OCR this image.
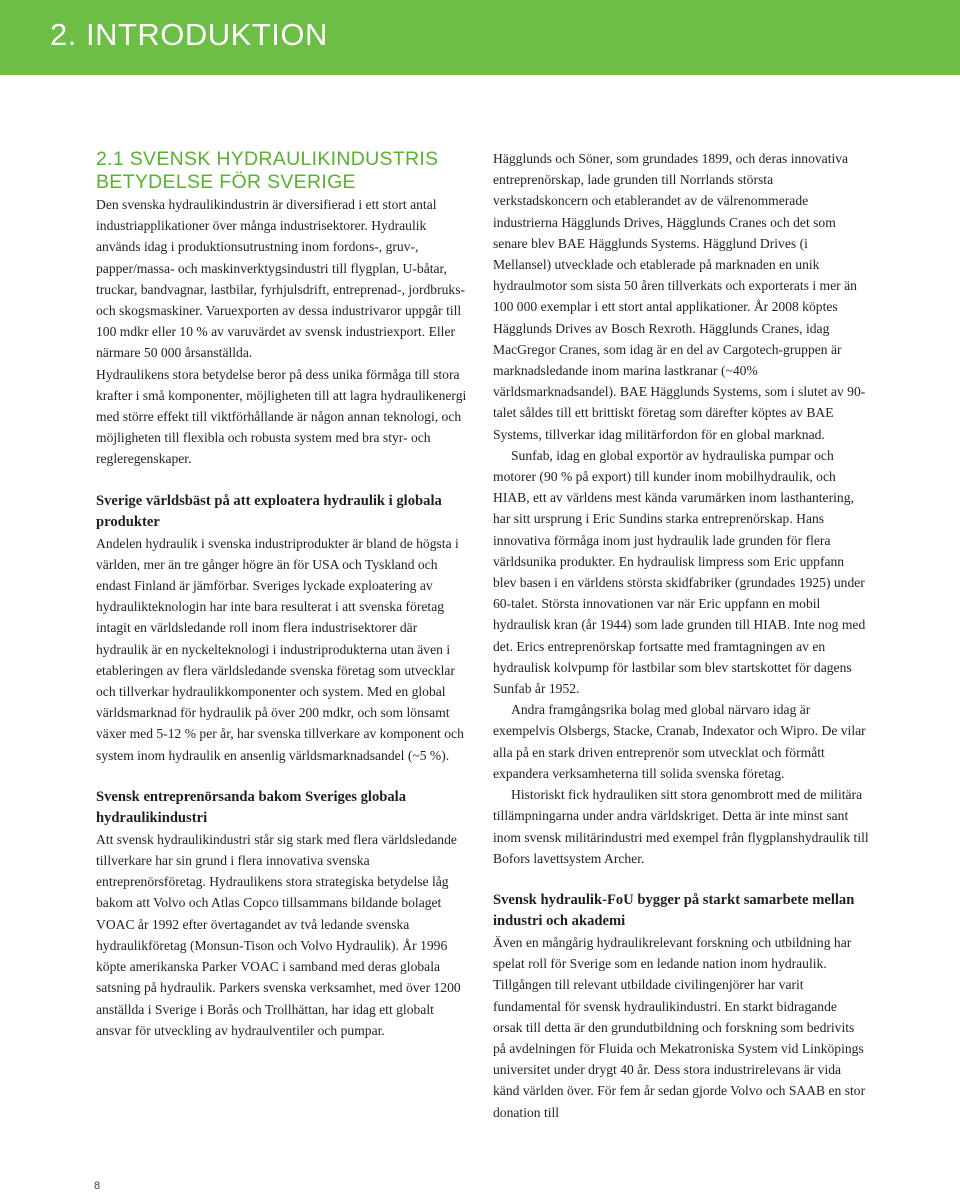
2. INTRODUKTION
2.1 SVENSK HYDRAULIKINDUSTRIS
BETYDELSE FÖR SVERIGE

Den svenska hydraulikindustrin är diversifierad i ett stort antal industriapplikationer över många industrisektorer. Hydraulik används idag i produktionsutrustning inom fordons-, gruv-, papper/massa- och maskinverktygsindustri till flygplan, U-båtar, truckar, bandvagnar, lastbilar, fyrhjulsdrift, entreprenad-, jordbruks- och skogsmaskiner. Varuexporten av dessa industrivaror uppgår till 100 mdkr eller 10 % av varuvärdet av svensk industriexport. Eller närmare 50 000 årsanställda.

Hydraulikens stora betydelse beror på dess unika förmåga till stora krafter i små komponenter, möjligheten till att lagra hydraulikenergi med större effekt till viktförhållande är någon annan teknologi, och möjligheten till flexibla och robusta system med bra styr- och regleregenskaper.

Sverige världsbäst på att exploatera hydraulik i globala produkter

Andelen hydraulik i svenska industriprodukter är bland de högsta i världen, mer än tre gånger högre än för USA och Tyskland och endast Finland är jämförbar. Sveriges lyckade exploatering av hydraulikteknologin har inte bara resulterat i att svenska företag intagit en världsledande roll inom flera industrisektorer där hydraulik är en nyckelteknologi i industriprodukterna utan även i etableringen av flera världsledande svenska företag som utvecklar och tillverkar hydraulikkomponenter och system. Med en global världsmarknad för hydraulik på över 200 mdkr, och som lönsamt växer med 5-12 % per år, har svenska tillverkare av komponent och system inom hydraulik en ansenlig världsmarknadsandel (~5 %).

Svensk entreprenörsanda bakom Sveriges globala hydraulikindustri

Att svensk hydraulikindustri står sig stark med flera världsledande tillverkare har sin grund i flera innovativa svenska entreprenörsföretag. Hydraulikens stora strategiska betydelse låg bakom att Volvo och Atlas Copco tillsammans bildande bolaget VOAC år 1992 efter övertagandet av två ledande svenska hydraulikföretag (Monsun-Tison och Volvo Hydraulik). År 1996 köpte amerikanska Parker VOAC i samband med deras globala satsning på hydraulik. Parkers svenska verksamhet, med över 1200 anställda i Sverige i Borås och Trollhättan, har idag ett globalt ansvar för utveckling av hydraulventiler och pumpar.

Hägglunds och Söner, som grundades 1899, och deras innovativa entreprenörskap, lade grunden till Norrlands största verkstadskoncern och etablerandet av de välrenommerade industrierna Hägglunds Drives, Hägglunds Cranes och det som senare blev BAE Hägglunds Systems. Hägglund Drives (i Mellansel) utvecklade och etablerade på marknaden en unik hydraulmotor som sista 50 åren tillverkats och exporterats i mer än 100 000 exemplar i ett stort antal applikationer. År 2008 köptes Hägglunds Drives av Bosch Rexroth. Hägglunds Cranes, idag MacGregor Cranes, som idag är en del av Cargotech-gruppen är marknadsledande inom marina lastkranar (~40% världsmarknadsandel). BAE Hägglunds Systems, som i slutet av 90-talet såldes till ett brittiskt företag som därefter köptes av BAE Systems, tillverkar idag militärfordon för en global marknad.

Sunfab, idag en global exportör av hydrauliska pumpar och motorer (90 % på export) till kunder inom mobilhydraulik, och HIAB, ett av världens mest kända varumärken inom lasthantering, har sitt ursprung i Eric Sundins starka entreprenörskap. Hans innovativa förmåga inom just hydraulik lade grunden för flera världsunika produkter. En hydraulisk limpress som Eric uppfann blev basen i en världens största skidfabriker (grundades 1925) under 60-talet. Största innovationen var när Eric uppfann en mobil hydraulisk kran (år 1944) som lade grunden till HIAB. Inte nog med det. Erics entreprenörskap fortsatte med framtagningen av en hydraulisk kolvpump för lastbilar som blev startskottet för dagens Sunfab år 1952.

Andra framgångsrika bolag med global närvaro idag är exempelvis Olsbergs, Stacke, Cranab, Indexator och Wipro. De vilar alla på en stark driven entreprenör som utvecklat och förmått expandera verksamheterna till solida svenska företag.

Historiskt fick hydrauliken sitt stora genombrott med de militära tillämpningarna under andra världskriget. Detta är inte minst sant inom svensk militärindustri med exempel från flygplanshydraulik till Bofors lavettsystem Archer.

Svensk hydraulik-FoU bygger på starkt samarbete mellan industri och akademi

Även en mångårig hydraulikrelevant forskning och utbildning har spelat roll för Sverige som en ledande nation inom hydraulik. Tillgången till relevant utbildade civilingenjörer har varit fundamental för svensk hydraulikindustri. En starkt bidragande orsak till detta är den grundutbildning och forskning som bedrivits på avdelningen för Fluida och Mekatroniska System vid Linköpings universitet under drygt 40 år. Dess stora industrirelevans är vida känd världen över. För fem år sedan gjorde Volvo och SAAB en stor donation till

8
